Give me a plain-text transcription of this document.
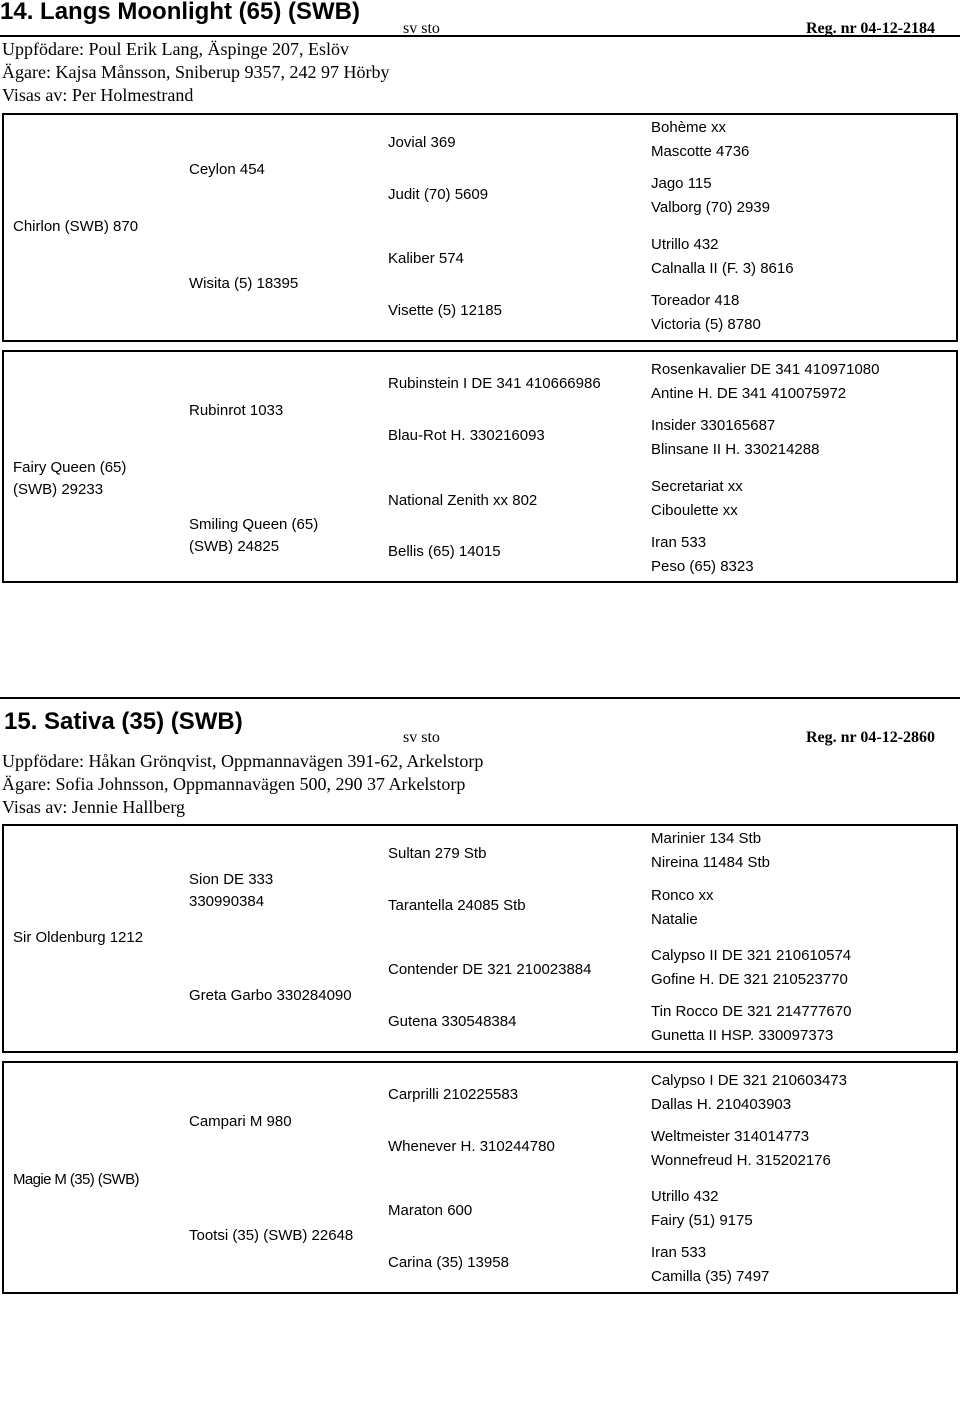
14. Langs Moonlight (65) (SWB)
sv sto	Reg. nr 04-12-2184
Uppfödare: Poul Erik Lang, Äspinge 207, Eslöv
Ägare: Kajsa Månsson, Sniberup 9357, 242 97 Hörby
Visas av: Per Holmestrand
Chirlon (SWB) 870
Ceylon 454
Wisita (5) 18395
Jovial 369
Judit (70) 5609
Kaliber 574
Visette (5) 12185
Bohème xx
Mascotte 4736
Jago 115
Valborg (70) 2939
Utrillo 432
Calnalla II (F. 3) 8616
Toreador 418
Victoria (5) 8780
Fairy Queen (65) (SWB) 29233
Rubinrot 1033
Smiling Queen (65) (SWB) 24825
Rubinstein I DE 341 410666986
Blau-Rot H. 330216093
National Zenith xx 802
Bellis (65) 14015
Rosenkavalier DE 341 410971080
Antine H. DE 341 410075972
Insider 330165687
Blinsane II H. 330214288
Secretariat xx
Ciboulette xx
Iran 533
Peso (65) 8323
15. Sativa (35) (SWB)
sv sto	Reg. nr 04-12-2860
Uppfödare: Håkan Grönqvist, Oppmannavägen 391-62, Arkelstorp
Ägare: Sofia Johnsson, Oppmannavägen 500, 290 37 Arkelstorp
Visas av: Jennie Hallberg
Sir Oldenburg 1212
Sion DE 333 330990384
Greta Garbo 330284090
Sultan 279 Stb
Tarantella 24085 Stb
Contender DE 321 210023884
Gutena 330548384
Marinier 134 Stb
Nireina 11484 Stb
Ronco xx
Natalie
Calypso II DE 321 210610574
Gofine H. DE 321 210523770
Tin Rocco DE 321 214777670
Gunetta II HSP. 330097373
Magie M (35) (SWB)
Campari M 980
Tootsi (35) (SWB) 22648
Carprilli 210225583
Whenever H. 310244780
Maraton 600
Carina (35) 13958
Calypso I DE 321 210603473
Dallas H. 210403903
Weltmeister 314014773
Wonnefreud H. 315202176
Utrillo 432
Fairy (51) 9175
Iran 533
Camilla (35) 7497
